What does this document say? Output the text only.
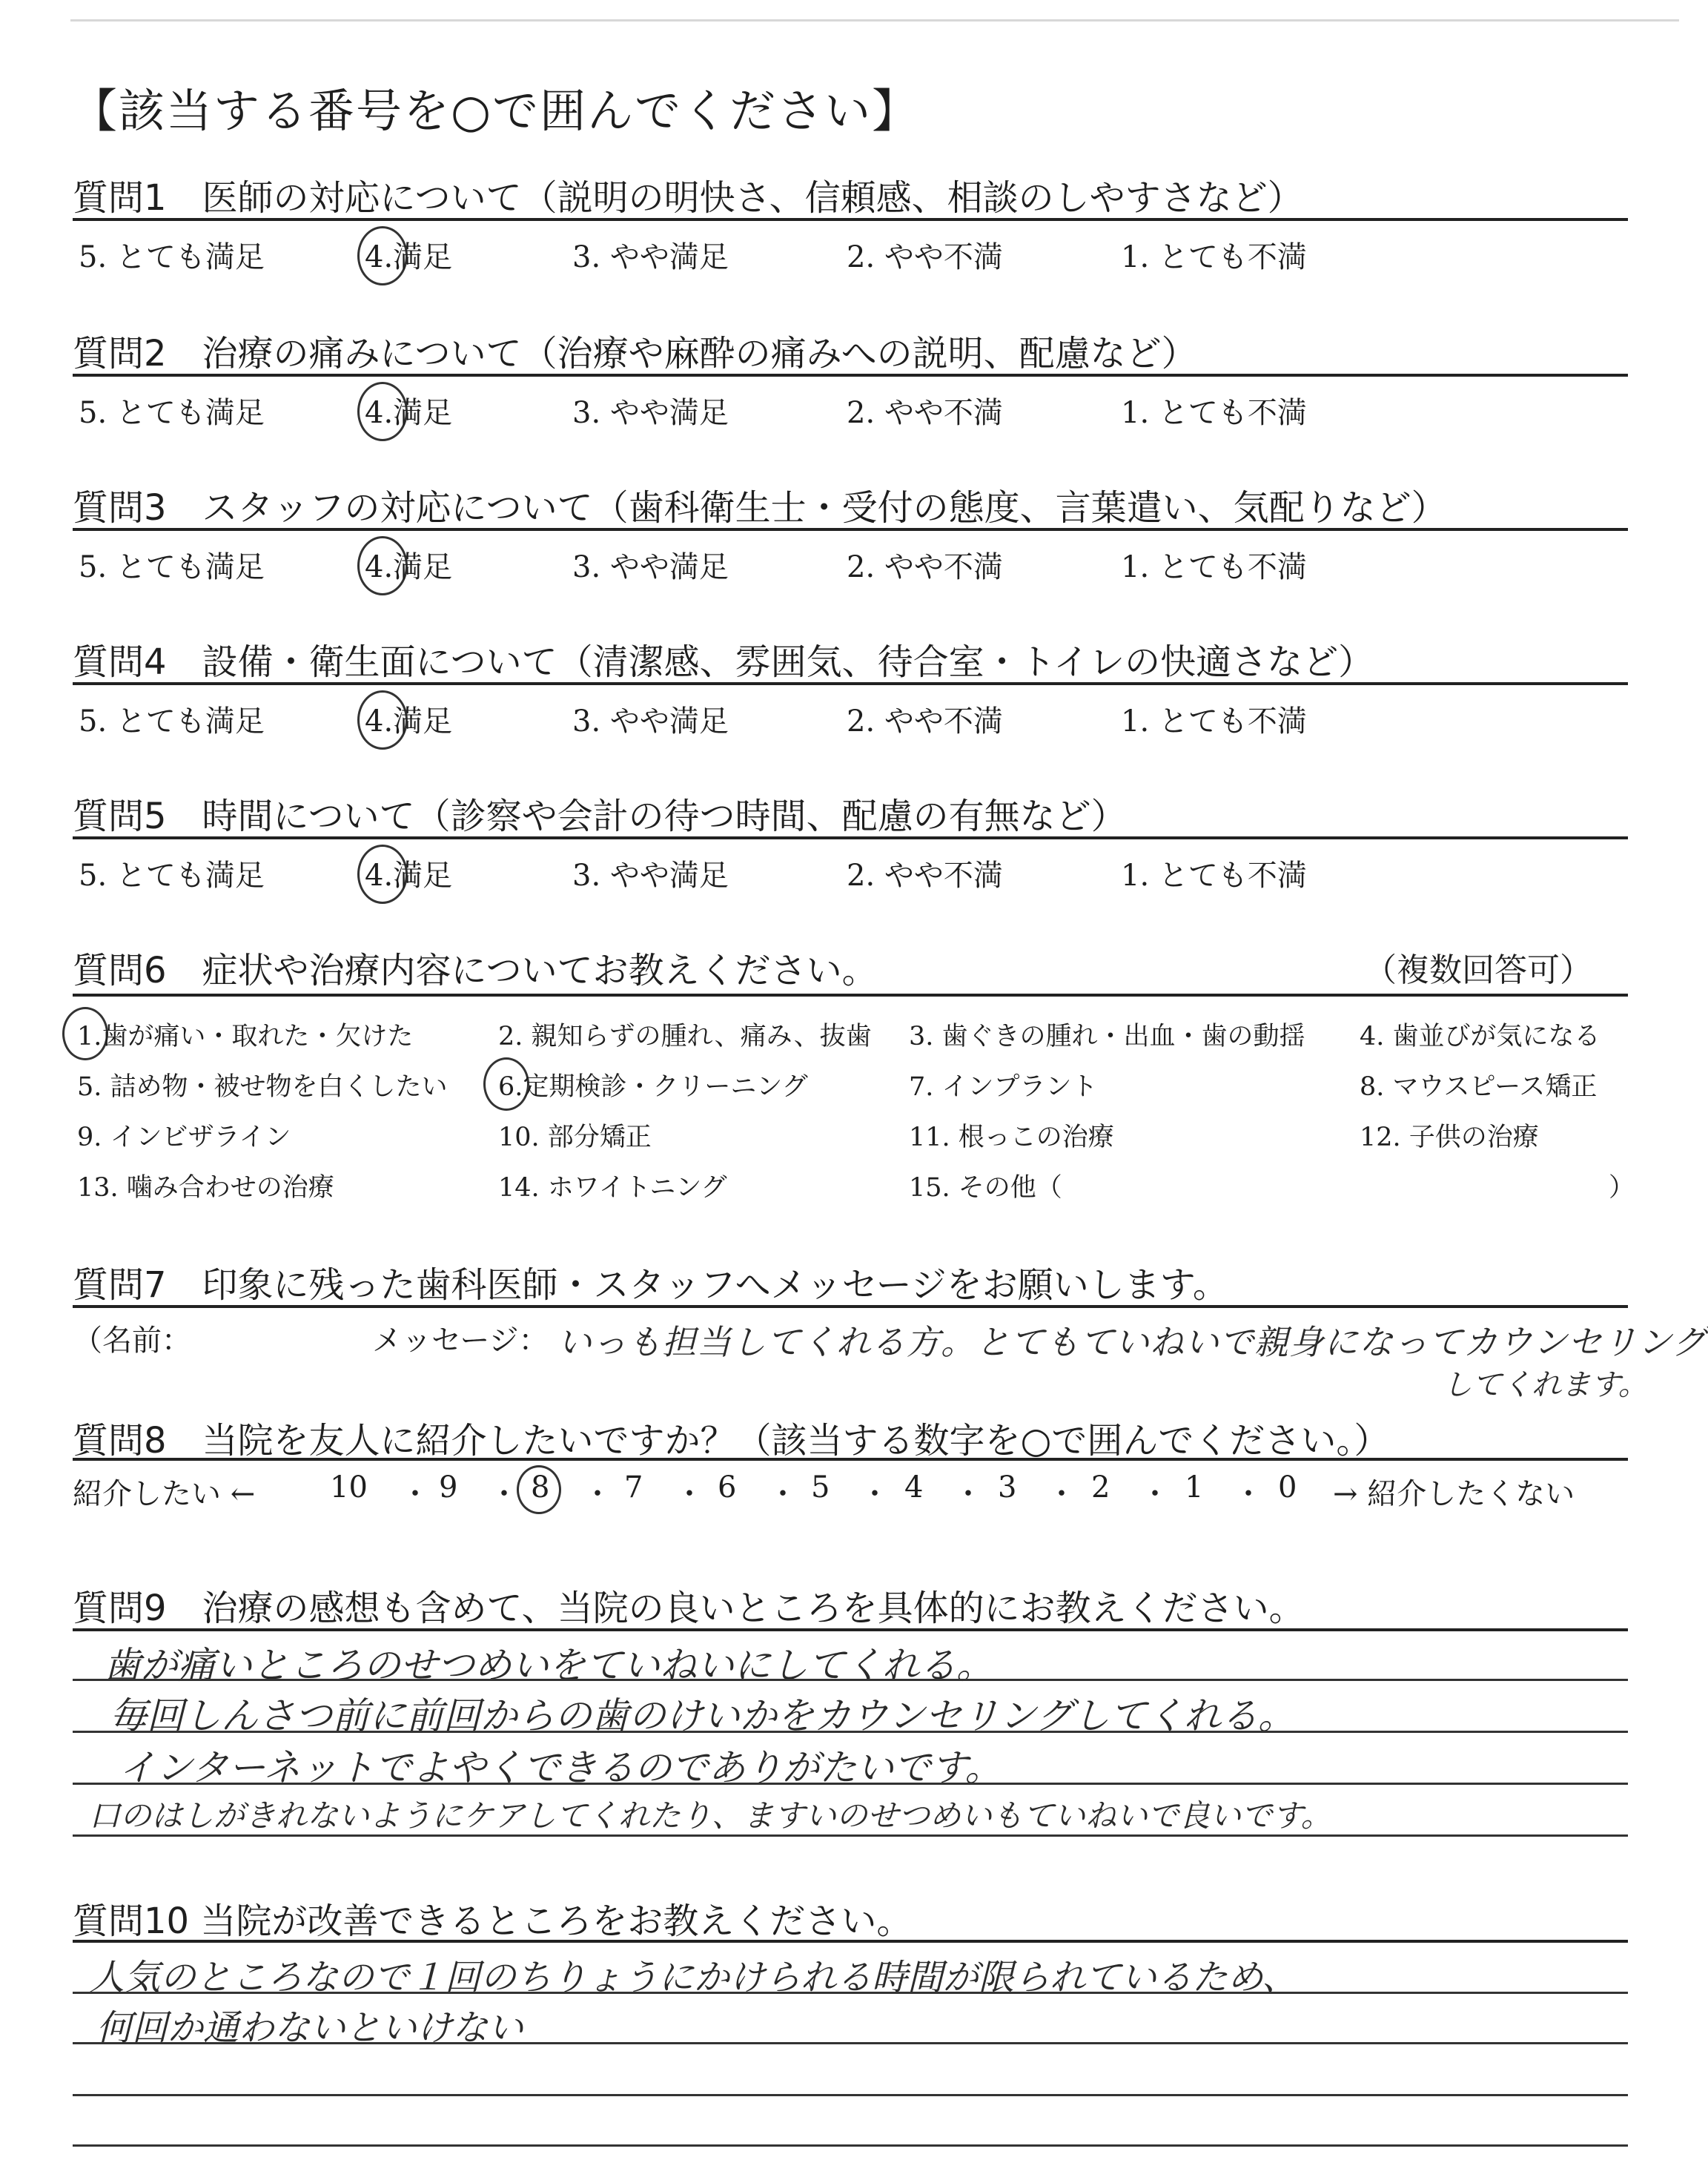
【該当する番号を○で囲んでください】
質問1　医師の対応について（説明の明快さ、信頼感、相談のしやすさなど）
5. とても満足	4.満足	3. やや満足	2. やや不満	1. とても不満
質問2　治療の痛みについて（治療や麻酔の痛みへの説明、配慮など）
5. とても満足	4.満足	3. やや満足	2. やや不満	1. とても不満
質問3　スタッフの対応について（歯科衛生士・受付の態度、言葉遣い、気配りなど）
5. とても満足	4.満足	3. やや満足	2. やや不満	1. とても不満
質問4　設備・衛生面について（清潔感、雰囲気、待合室・トイレの快適さなど）
5. とても満足	4.満足	3. やや満足	2. やや不満	1. とても不満
質問5　時間について（診察や会計の待つ時間、配慮の有無など）
5. とても満足	4.満足	3. やや満足	2. やや不満	1. とても不満
質問6　症状や治療内容についてお教えください。	（複数回答可）
1.歯が痛い・取れた・欠けた	2. 親知らずの腫れ、痛み、抜歯 3. 歯ぐきの腫れ・出血・歯の動揺 4. 歯並びが気になる
5. 詰め物・被せ物を白くしたい 6.定期検診・クリーニング	7. インプラント	8. マウスピース矯正
9. インビザライン	10. 部分矯正	11. 根っこの治療	12. 子供の治療
13. 噛み合わせの治療	14. ホワイトニング	15. その他（	）
質問7　印象に残った歯科医師・スタッフへメッセージをお願いします。
（名前：	メッセージ： いっも担当してくれる方。とてもていねいで親身になってカウンセリング
してくれます。
質問8　当院を友人に紹介したいですか？（該当する数字を○で囲んでください。）
紹介したい ←	10 ・ 9 ・ 8 ・ 7 ・ 6 ・ 5 ・ 4 ・ 3 ・ 2 ・ 1 ・ 0 → 紹介したくない
質問9　治療の感想も含めて、当院の良いところを具体的にお教えください。
歯が痛いところのせつめいをていねいにしてくれる。
毎回しんさつ前に前回からの歯のけいかをカウンセリングしてくれる。
インターネットでよやくできるのでありがたいです。
口のはしがきれないようにケアしてくれたり、ますいのせつめいもていねいで良いです。
質問10 当院が改善できるところをお教えください。
人気のところなので１回のちりょうにかけられる時間が限られているため、
何回か通わないといけない
